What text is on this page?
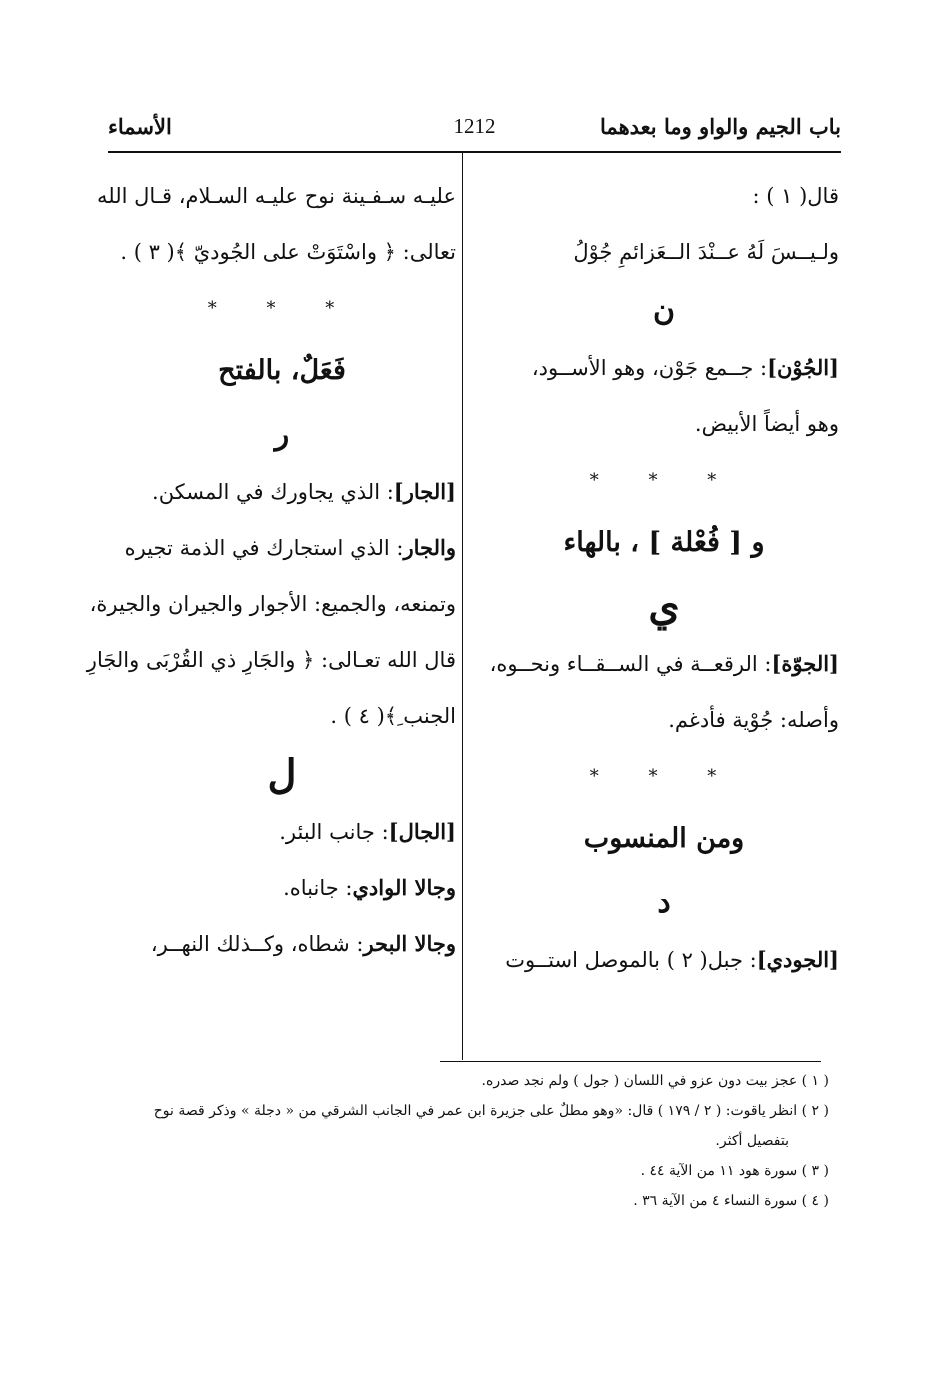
باب الجيم والواو وما بعدهما
1212
الأسماء
قال( ١ ) :
ولـيــسَ لَهُ عــنْدَ الــعَزائمِ جُوْلُ
ن
[الجُوْن]
: جــمع جَوْن، وهو الأســود،
وهو أيضاً الأبيض.
* * *
و [ فُعْلة ] ، بالهاء
ي
[الجوّة]
: الرقعــة في الســقــاء ونحــوه،
وأصله: جُوْية فأدغم.
* * *
ومن المنسوب
د
[الجودي]
: جبل( ٢ ) بالموصل استــوت
عليـه سـفـينة نوح عليـه السـلام، قـال الله
تعالى: ﴿ واسْتَوَتْ على الجُوديّ ﴾( ٣ ) .
* * *
فَعَلٌ، بالفتح
ر
[الجار]
: الذي يجاورك في المسكن.
والجار
: الذي استجارك في الذمة تجيره
وتمنعه، والجميع: الأجوار والجيران والجيرة،
قال الله تعـالى: ﴿ والجَارِ ذي القُرْبَى والجَارِ
الجنب ِ﴾( ٤ ) .
ل
[الجال]
: جانب البئر.
وجالا الوادي
: جانباه.
وجالا البحر
: شطاه، وكــذلك النهــر،
( ١ ) عجز بيت دون عزو في اللسان ( جول ) ولم نجد صدره.
( ٢ ) انظر ياقوت: ( ٢ / ١٧٩ ) قال: «وهو مطلٌ على جزيرة ابن عمر في الجانب الشرقي من « دجلة » وذكر قصة نوح
بتفصيل أكثر.
( ٣ ) سورة هود ١١ من الآية ٤٤ .
( ٤ ) سورة النساء ٤ من الآية ٣٦ .
